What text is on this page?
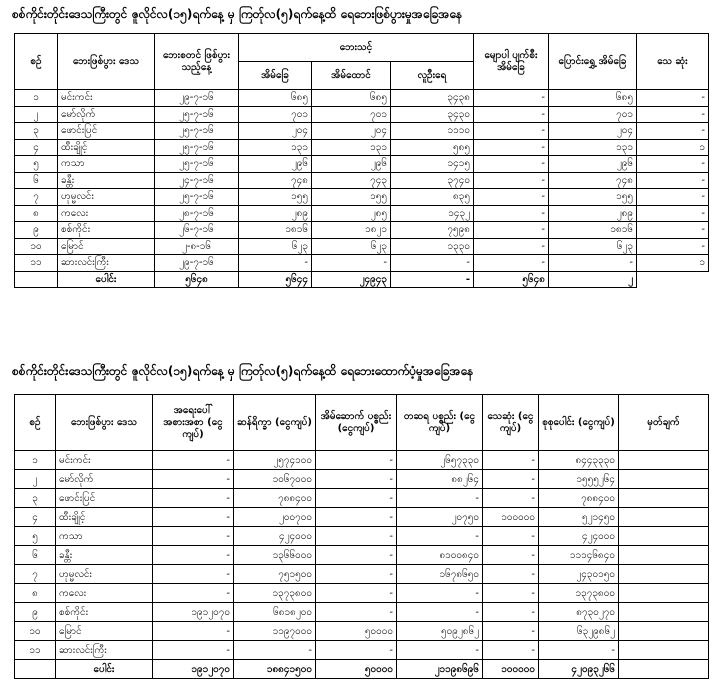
စစ်ကိုင်းတိုင်းဒေသကြီးတွင် ဇူလိုင်လ(၁၅)ရက်နေ့ မှ ကြတ်ုလ(၅)ရက်နေ့ထိ ရေဘေးဖြစ်ပွားမှုအခြေအနေ
စဥ်	ဘေးဖြစ်ပွား ဒေသ	ဘေးစတင် ဖြစ်ပွားသည့်နေ့	ဘေးသင့်			မျောပါ ပျက်စီး အိမ်ခြေ	ပြောင်းရွှေ့ အိမ်ခြေ	သေ ဆုံး
			အိမ်ခြေ	အိမ်ထောင်	လူဦးရေ			
၁	မင်းကင်း	၂၉-၇-၁၆	၆၈၅	၆၈၅	၃၄၃၈	-	၆၈၅	-
၂	မော်လိုက်	၂၅-၇-၁၆	၇၀၁	၇၀၁	၃၄၃၀	-	၇၀၁	-
၃	ဖောင်းပြင်	၂၅-၇-၁၆	၂၀၄	၂၀၄	၁၁၁၀	-	၂၀၄	-
၄	ထီးချိုင့်	၂၅-၇-၁၆	၁၃၁	၁၃၁	၅၈၅	-	၁၃၁	၁
၅	ကသာ	၂၅-၇-၁၆	၂၉၆	၂၉၆	၁၄၁၅	-	၂၉၆	-
၆	ခန္တီး	၂၄-၇-၁၆	၇၄၈	၇၄၃	၃၇၄၀	-	၇၄၈	-
၇	ဟုမ္မလင်း	၂၅-၇-၁၆	၁၅၅	၁၅၅	၈၃၅	-	၁၅၅	-
၈	ကလေး	၂၈-၇-၁၆	၂၈၉	၂၈၅	၁၄၃၂	-	၂၈၉	-
၉	စစ်ကိုင်း	၂၆-၇-၁၆	၁၈၁၆	၁၈၂၁	၇၅၉၈	-	၁၈၁၆	-
၁၀	မြောင်	၂-၈-၁၆	၆၂၃	၆၂၃	၁၃၃၀	-	၆၂၃	-
၁၁	ဆားလင်းကြီး	၂၉-၇-၁၆	-	-	-	-	-	၁
	ပေါင်း	၅၆၄၈	၅၆၄၄	၂၄၉၄၃	-	၅၆၄၈	၂	
စစ်ကိုင်းတိုင်းဒေသကြီးတွင် ဇူလိုင်လ(၁၅)ရက်နေ့ မှ ကြတ်ုလ(၅)ရက်နေ့ထိ ရေဘေးထောက်ပံ့မှုအခြေအနေ
စဥ်	ဘေးဖြစ်ပွား ဒေသ	အရေးပေါ် အစားအစာ (ငွေကျပ်)	ဆန်ရိက္ခာ (ငွေကျပ်)	အိမ်ဆောက် ပစ္စည်း (ငွေကျပ်)	တဆရ ပစ္စည်း (ငွေကျပ်)	သေဆုံး (ငွေကျပ်)	စုစုပေါင်း (ငွေကျပ်)	မှတ်ချက်
၁	မင်းကင်း	-	၂၅၇၄၁၀၀	-	၂၆၅၇၃၃၀	-	၈၄၄၃၃၃၀	
၂	မော်လိုက်	-	၁၀၆၇၀၀၀	-	၈၈၂၆၄	-	၁၅၅၅၂၆၄	
၃	ဖောင်းပြင်	-	၇၈၈၄၀၀	-	-	-	၇၈၈၄၀၀	
၄	ထီးချိုင့်	-	၂၀၀၇၀၀	-	၂၀၇၅၀	၁၀၀၀၀၀	၅၂၁၄၅၀	
၅	ကသာ	-	၄၂၄၀၀၀	-	-	-	၄၂၄၀၀၀	
၆	ခန္တီး	-	၁၃၆၆၀၀၀	-	၈၁၀၀၈၄၀	-	၁၁၁၄၆၈၄၀	
၇	ဟုမ္မလင်း	-	၇၅၁၅၀၀	-	၁၆၇၈၆၅၀	-	၂၄၃၀၁၅၀	
၈	ကလေး	-	၁၃၇၃၈၀၀	-	-	-	၁၃၇၃၈၀၀	
၉	စစ်ကိုင်း	၁၉၁၂၀၇၀	၆၈၁၈၂၀၀	-	-	-	၈၇၃၀၂၇၀	
၁၀	မြောင်	-	၁၁၉၇၀၀၀	၅၀၀၀၀	၅၀၉၂၈၆၂	-	၆၃၂၉၈၆၂	
၁၁	ဆားလင်းကြီး	-	-	-	-	-	-	
	ပေါင်း	၁၉၁၂၀၇၀	၁၈၈၄၁၅၀၀	၅၀၀၀၀	၂၁၁၉၈၆၉၆	၁၀၀၀၀၀	၄၂၀၉၃၂၆၆	
